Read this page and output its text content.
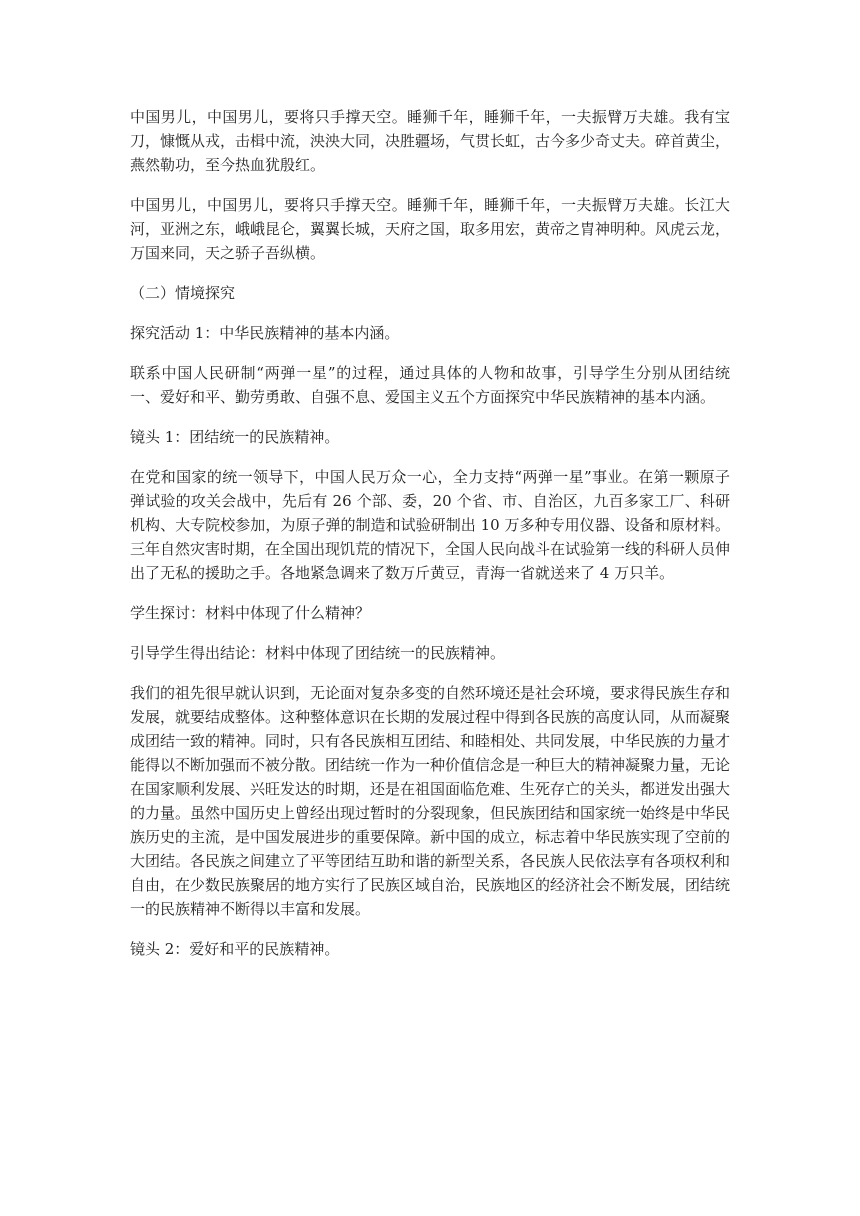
中国男儿，中国男儿，要将只手撑天空。睡狮千年，睡狮千年，一夫振臂万夫雄。我有宝刀，慷慨从戎，击楫中流，泱泱大同，决胜疆场，气贯长虹，古今多少奇丈夫。碎首黄尘，燕然勒功，至今热血犹殷红。

中国男儿，中国男儿，要将只手撑天空。睡狮千年，睡狮千年，一夫振臂万夫雄。长江大河，亚洲之东，峨峨昆仑，翼翼长城，天府之国，取多用宏，黄帝之胄神明种。风虎云龙，万国来同，天之骄子吾纵横。

（二）情境探究

探究活动 1：中华民族精神的基本内涵。

联系中国人民研制“两弹一星”的过程，通过具体的人物和故事，引导学生分别从团结统一、爱好和平、勤劳勇敢、自强不息、爱国主义五个方面探究中华民族精神的基本内涵。

镜头 1：团结统一的民族精神。

在党和国家的统一领导下，中国人民万众一心，全力支持“两弹一星”事业。在第一颗原子弹试验的攻关会战中，先后有 26 个部、委，20 个省、市、自治区，九百多家工厂、科研机构、大专院校参加，为原子弹的制造和试验研制出 10 万多种专用仪器、设备和原材料。三年自然灾害时期，在全国出现饥荒的情况下，全国人民向战斗在试验第一线的科研人员伸出了无私的援助之手。各地紧急调来了数万斤黄豆，青海一省就送来了 4 万只羊。

学生探讨：材料中体现了什么精神？

引导学生得出结论：材料中体现了团结统一的民族精神。

我们的祖先很早就认识到，无论面对复杂多变的自然环境还是社会环境，要求得民族生存和发展，就要结成整体。这种整体意识在长期的发展过程中得到各民族的高度认同，从而凝聚成团结一致的精神。同时，只有各民族相互团结、和睦相处、共同发展，中华民族的力量才能得以不断加强而不被分散。团结统一作为一种价值信念是一种巨大的精神凝聚力量，无论在国家顺利发展、兴旺发达的时期，还是在祖国面临危难、生死存亡的关头，都迸发出强大的力量。虽然中国历史上曾经出现过暂时的分裂现象，但民族团结和国家统一始终是中华民族历史的主流，是中国发展进步的重要保障。新中国的成立，标志着中华民族实现了空前的大团结。各民族之间建立了平等团结互助和谐的新型关系，各民族人民依法享有各项权利和自由，在少数民族聚居的地方实行了民族区域自治，民族地区的经济社会不断发展，团结统一的民族精神不断得以丰富和发展。

镜头 2：爱好和平的民族精神。
